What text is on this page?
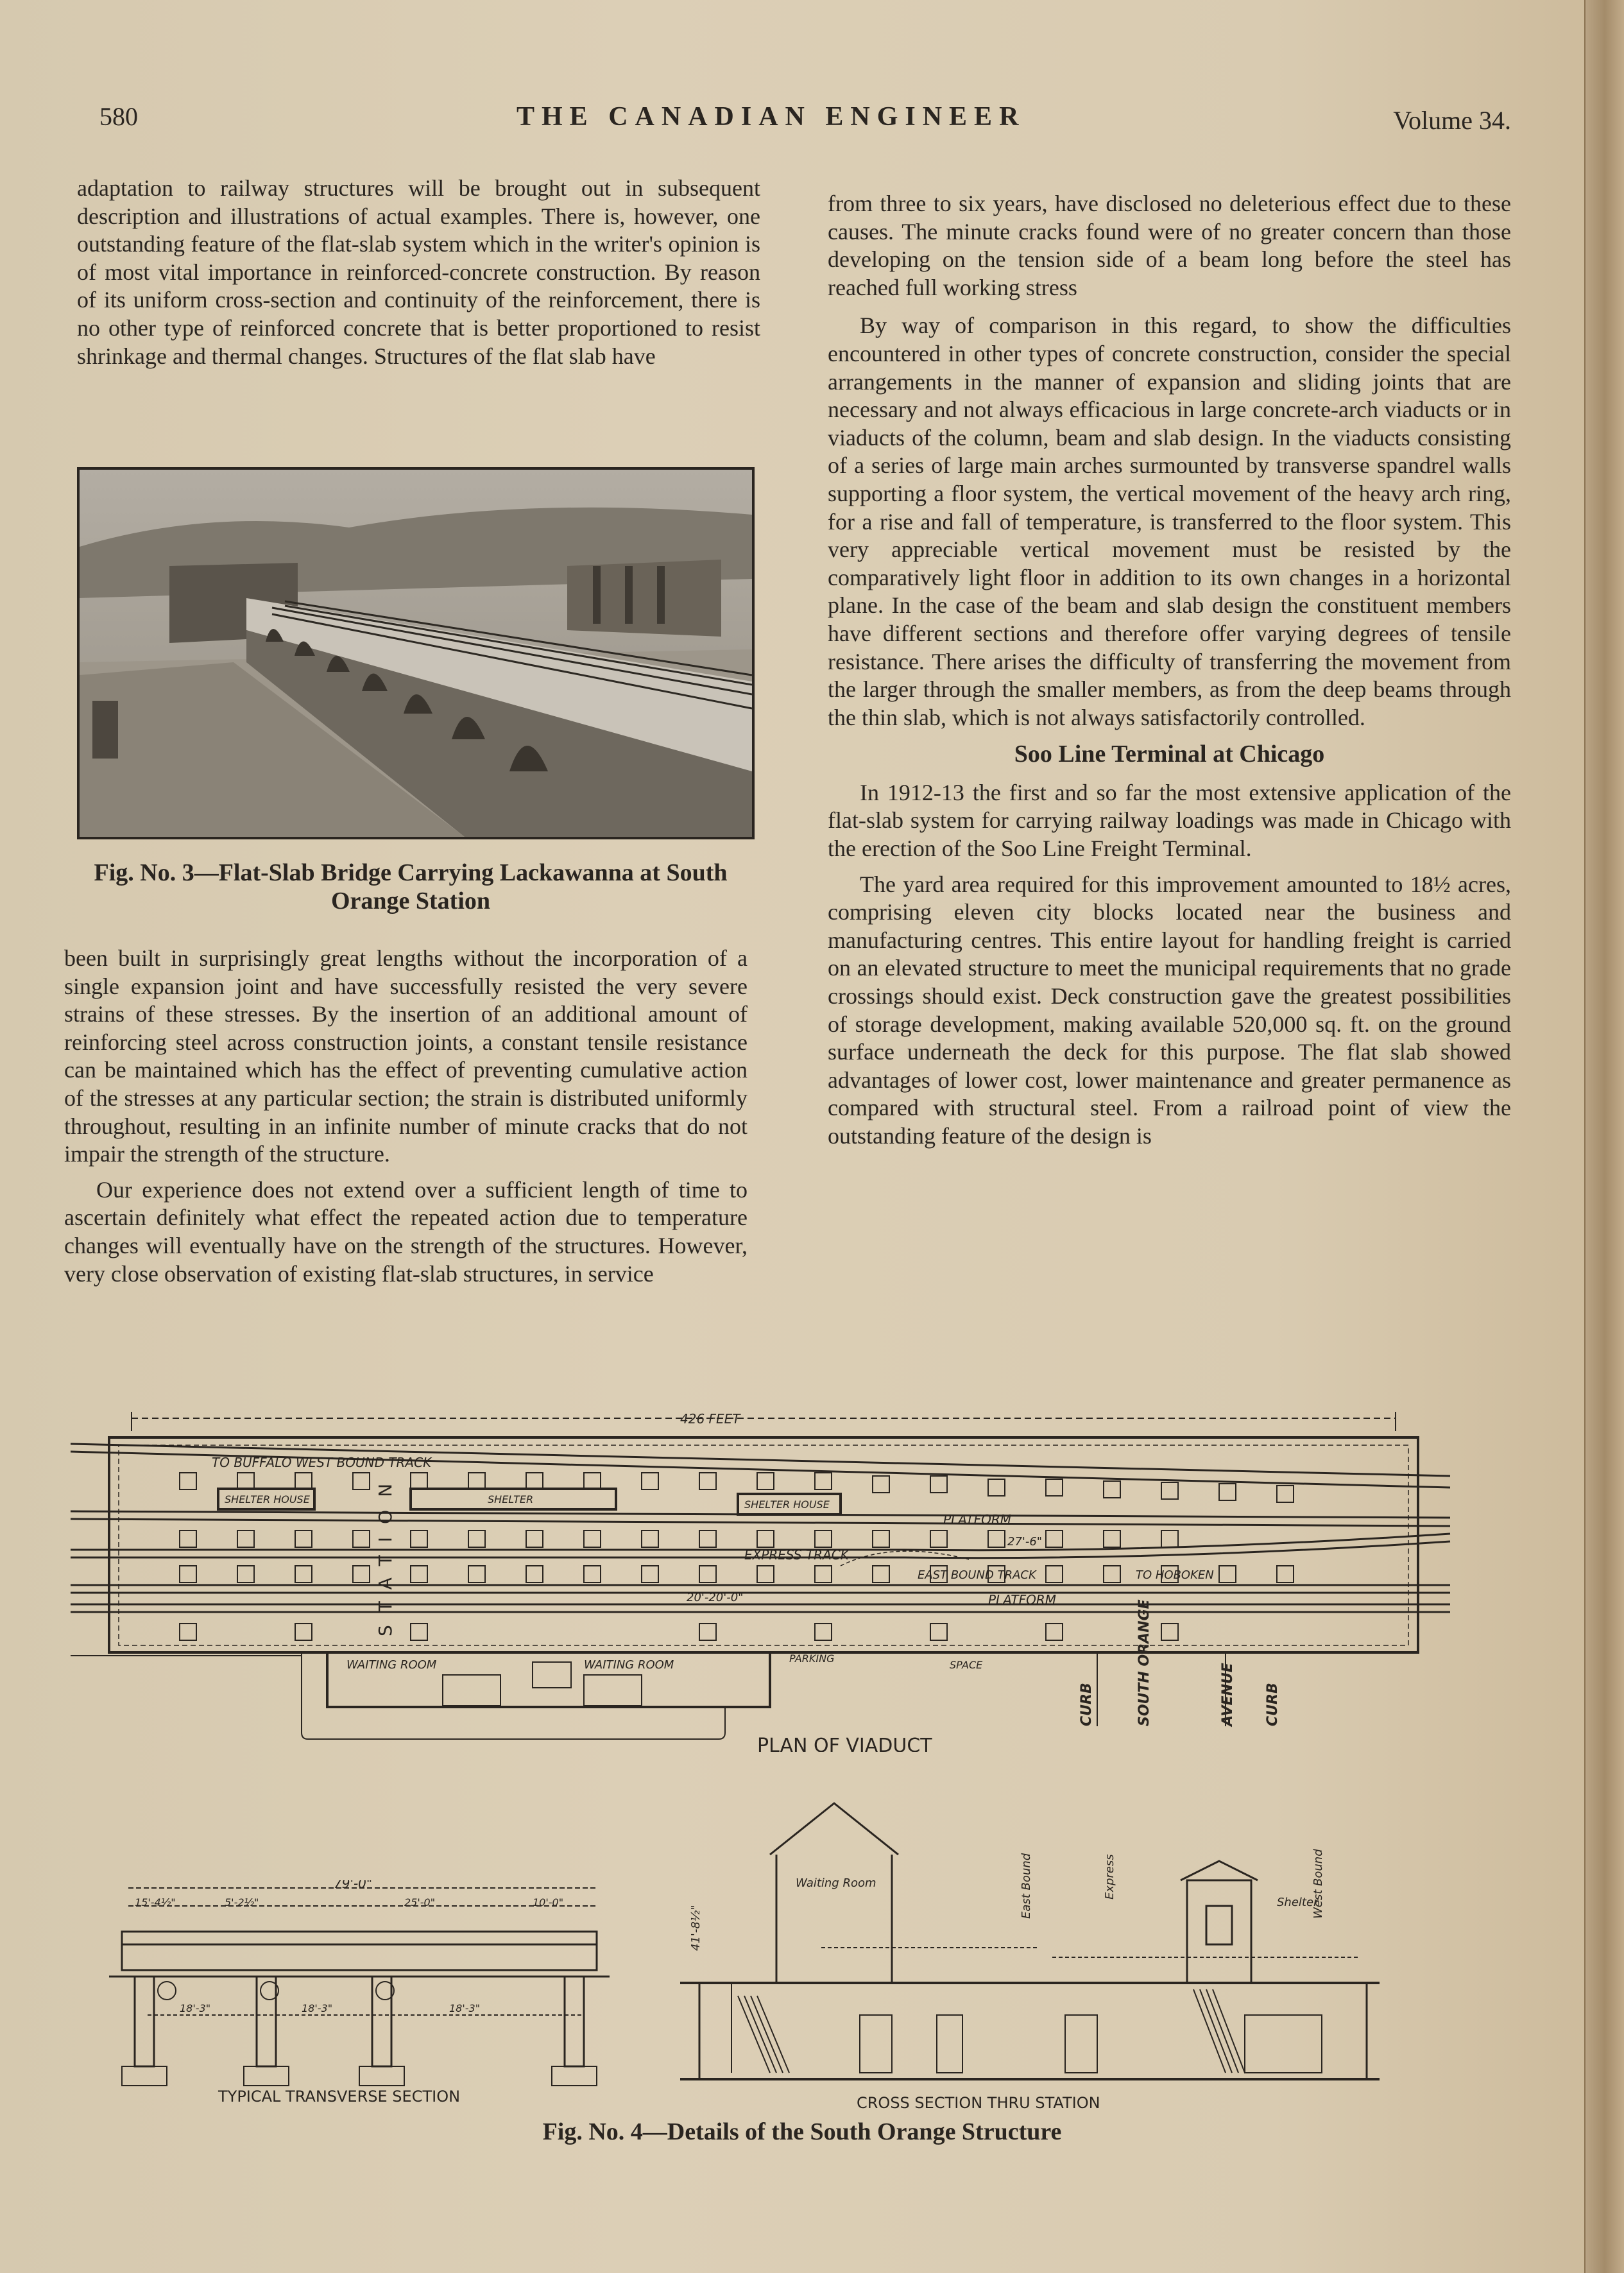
580	THE CANADIAN ENGINEER	Volume 34.

adaptation to railway structures will be brought out in subsequent description and illustrations of actual examples. There is, however, one outstanding feature of the flat-slab system which in the writer's opinion is of most vital importance in reinforced-concrete construction. By reason of its uniform cross-section and continuity of the reinforcement, there is no other type of reinforced concrete that is better proportioned to resist shrinkage and thermal changes. Structures of the flat slab have

Fig. No. 3—Flat-Slab Bridge Carrying Lackawanna at South Orange Station

been built in surprisingly great lengths without the incorporation of a single expansion joint and have successfully resisted the very severe strains of these stresses. By the insertion of an additional amount of reinforcing steel across construction joints, a constant tensile resistance can be maintained which has the effect of preventing cumulative action of the stresses at any particular section; the strain is distributed uniformly throughout, resulting in an infinite number of minute cracks that do not impair the strength of the structure.

Our experience does not extend over a sufficient length of time to ascertain definitely what effect the repeated action due to temperature changes will eventually have on the strength of the structures. However, very close observation of existing flat-slab structures, in service

from three to six years, have disclosed no deleterious effect due to these causes. The minute cracks found were of no greater concern than those developing on the tension side of a beam long before the steel has reached full working stress

By way of comparison in this regard, to show the difficulties encountered in other types of concrete construction, consider the special arrangements in the manner of expansion and sliding joints that are necessary and not always efficacious in large concrete-arch viaducts or in viaducts of the column, beam and slab design. In the viaducts consisting of a series of large main arches surmounted by transverse spandrel walls supporting a floor system, the vertical movement of the heavy arch ring, for a rise and fall of temperature, is transferred to the floor system. This very appreciable vertical movement must be resisted by the comparatively light floor in addition to its own changes in a horizontal plane. In the case of the beam and slab design the constituent members have different sections and therefore offer varying degrees of tensile resistance. There arises the difficulty of transferring the movement from the larger through the smaller members, as from the deep beams through the thin slab, which is not always satisfactorily controlled.

Soo Line Terminal at Chicago

In 1912-13 the first and so far the most extensive application of the flat-slab system for carrying railway loadings was made in Chicago with the erection of the Soo Line Freight Terminal.

The yard area required for this improvement amounted to 18½ acres, comprising eleven city blocks located near the business and manufacturing centres. This entire layout for handling freight is carried on an elevated structure to meet the municipal requirements that no grade crossings should exist. Deck construction gave the greatest possibilities of storage development, making available 520,000 sq. ft. on the ground surface underneath the deck for this purpose. The flat slab showed advantages of lower cost, lower maintenance and greater permanence as compared with structural steel. From a railroad point of view the outstanding feature of the design is

426 FEET
TO BUFFALO WEST BOUND TRACK
SHELTER HOUSE	SHELTER	SHELTER HOUSE
PLATFORM
EXPRESS TRACK
EAST BOUND TRACK	TO HOBOKEN
PLATFORM
27'-6"
20'-20'-0"
WAITING ROOM	WAITING ROOM	PARKING
SPACE
CURB	SOUTH ORANGE	AVENUE CURB
STATION
PLAN OF VIADUCT
79'-0"
15'-4½"	5'-2½"	25'-0"	10'-0"
18'-3"	18'-3"	18'-3"
TYPICAL TRANSVERSE SECTION
Waiting Room	East Bound	Express	West Bound
Shelter
41'-8½"
CROSS SECTION THRU STATION
Fig. No. 4—Details of the South Orange Structure
